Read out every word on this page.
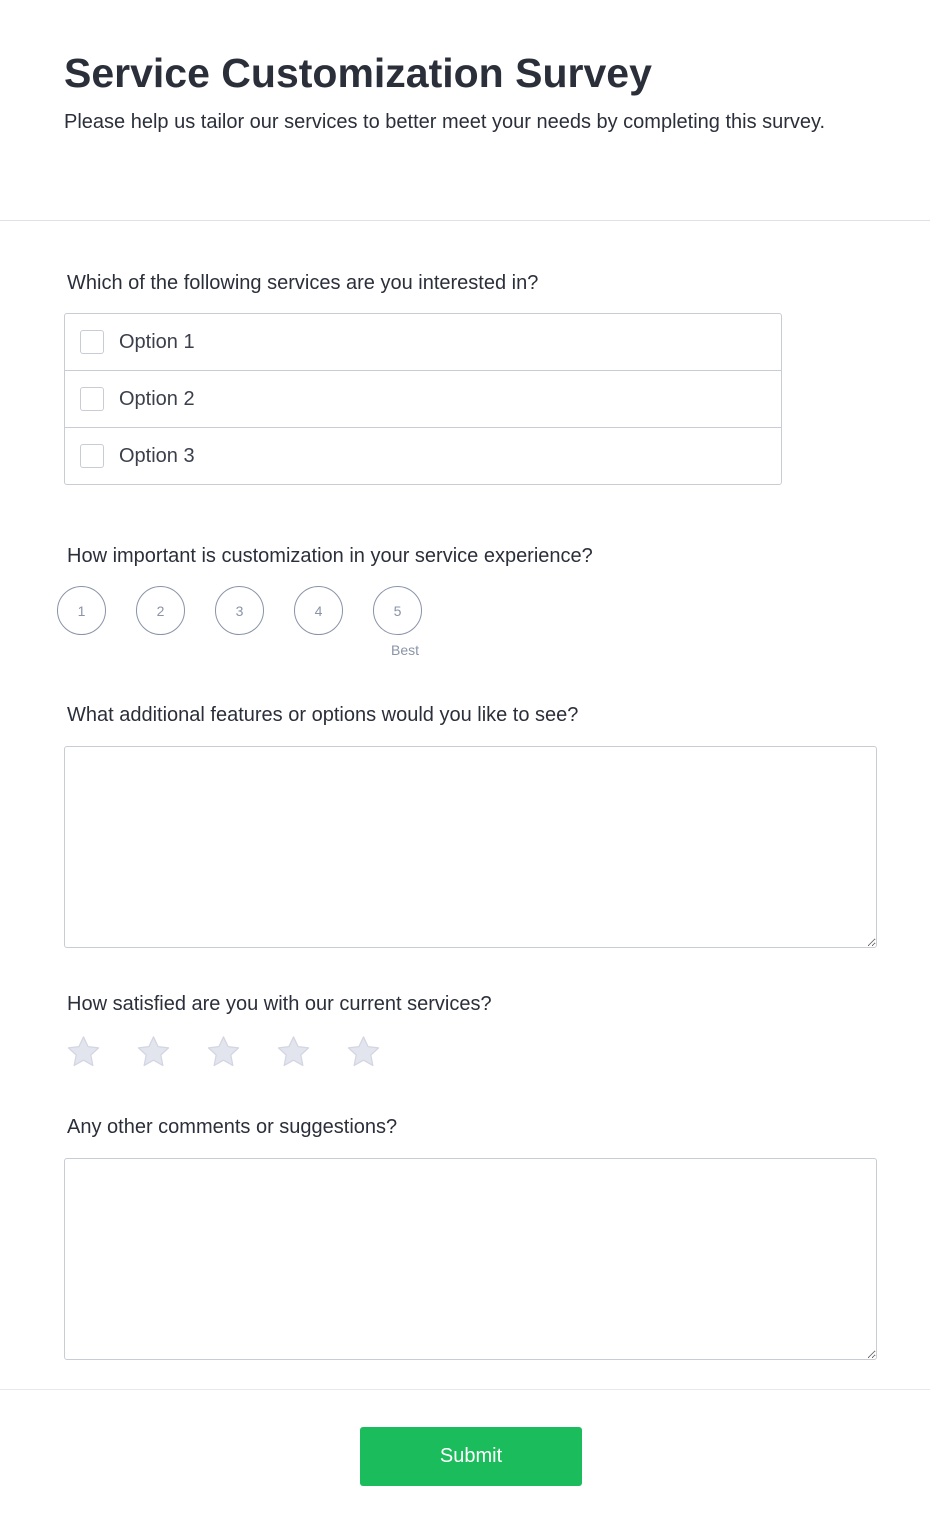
Service Customization Survey
Please help us tailor our services to better meet your needs by completing this survey.
Which of the following services are you interested in?
Option 1
Option 2
Option 3
How important is customization in your service experience?
1	2	3	4	5
Best
What additional features or options would you like to see?
How satisfied are you with our current services?
Any other comments or suggestions?
Submit
